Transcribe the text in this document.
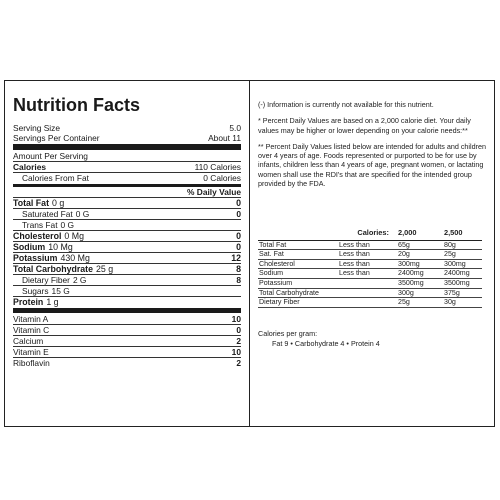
Nutrition Facts
Serving Size	5.0
Servings Per Container	About 11
Amount Per Serving
Calories	110 Calories
Calories From Fat	0 Calories
% Daily Value
Total Fat 0 g	0
Saturated Fat 0 G	0
Trans Fat 0 G
Cholesterol 0 Mg	0
Sodium 10 Mg	0
Potassium 430 Mg	12
Total Carbohydrate 25 g	8
Dietary Fiber 2 G	8
Sugars 15 G
Protein 1 g
Vitamin A	10
Vitamin C	0
Calcium	2
Vitamin E	10
Riboflavin	2

(-) Information is currently not available for this nutrient.

* Percent Daily Values are based on a 2,000 calorie diet. Your daily values may be higher or lower depending on your calorie needs:**

** Percent Daily Values listed below are intended for adults and children over 4 years of age. Foods represented or purported to be for use by infants, children less than 4 years of age, pregnant women, or lactating women shall use the RDI's that are specified for the intended group provided by the FDA.

	Calories:	2,000	2,500
Total Fat	Less than	65g	80g
Sat. Fat	Less than	20g	25g
Cholesterol	Less than	300mg	300mg
Sodium	Less than	2400mg	2400mg
Potassium		3500mg	3500mg
Total Carbohydrate		300g	375g
Dietary Fiber		25g	30g
Calories per gram:
Fat 9 • Carbohydrate 4 • Protein 4
